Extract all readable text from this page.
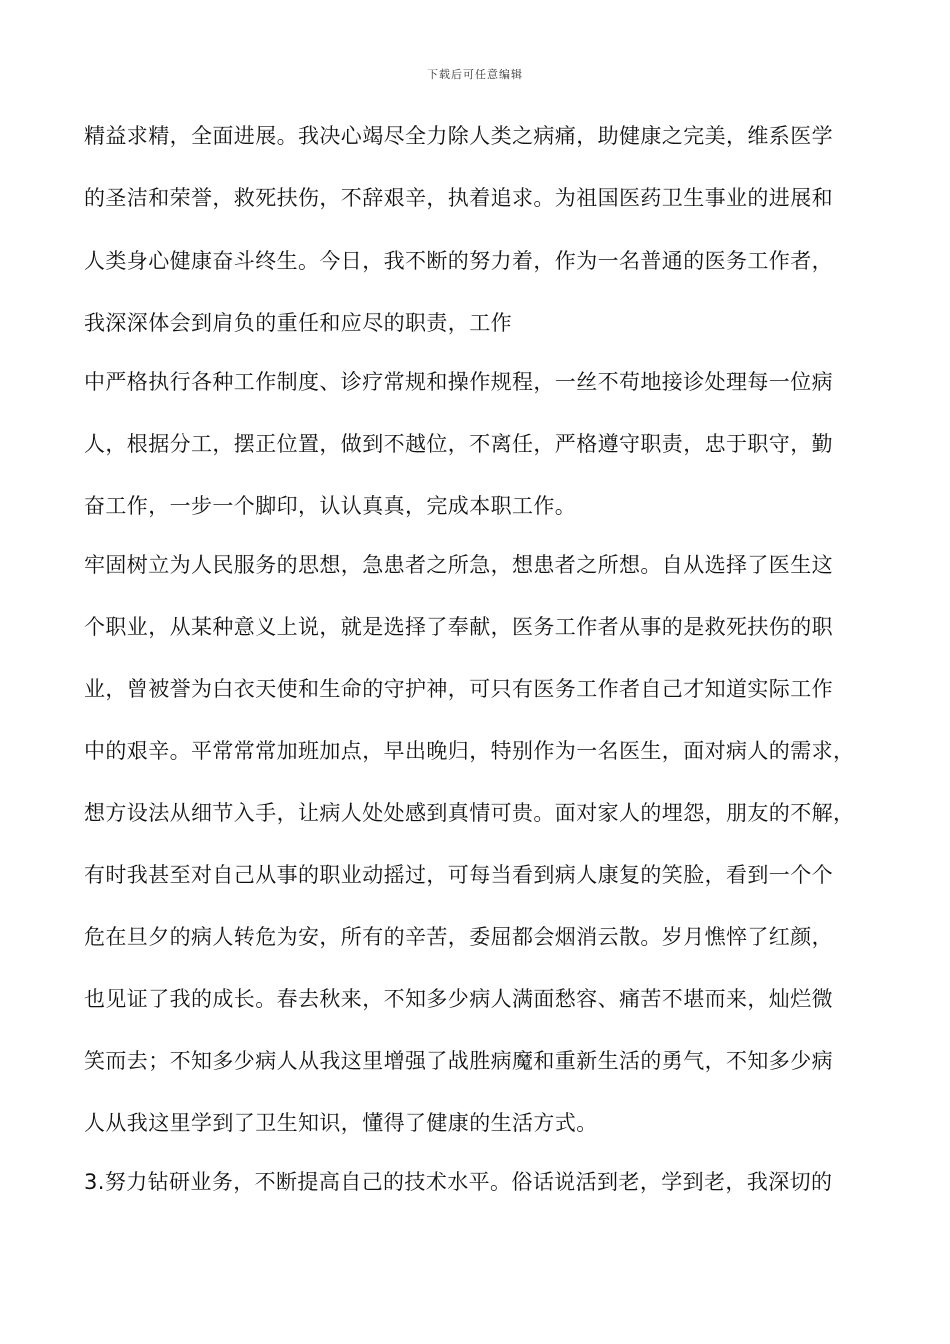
下载后可任意编辑
精益求精，全面进展。我决心竭尽全力除人类之病痛，助健康之完美，维系医学
的圣洁和荣誉，救死扶伤，不辞艰辛，执着追求。为祖国医药卫生事业的进展和
人类身心健康奋斗终生。今日，我不断的努力着，作为一名普通的医务工作者，
我深深体会到肩负的重任和应尽的职责，工作
中严格执行各种工作制度、诊疗常规和操作规程，一丝不苟地接诊处理每一位病
人，根据分工，摆正位置，做到不越位，不离任，严格遵守职责，忠于职守，勤
奋工作，一步一个脚印，认认真真，完成本职工作。
牢固树立为人民服务的思想，急患者之所急，想患者之所想。自从选择了医生这
个职业，从某种意义上说，就是选择了奉献，医务工作者从事的是救死扶伤的职
业，曾被誉为白衣天使和生命的守护神，可只有医务工作者自己才知道实际工作
中的艰辛。平常常常加班加点，早出晚归，特别作为一名医生，面对病人的需求，
想方设法从细节入手，让病人处处感到真情可贵。面对家人的埋怨，朋友的不解，
有时我甚至对自己从事的职业动摇过，可每当看到病人康复的笑脸，看到一个个
危在旦夕的病人转危为安，所有的辛苦，委屈都会烟消云散。岁月憔悴了红颜，
也见证了我的成长。春去秋来，不知多少病人满面愁容、痛苦不堪而来，灿烂微
笑而去；不知多少病人从我这里增强了战胜病魔和重新生活的勇气，不知多少病
人从我这里学到了卫生知识，懂得了健康的生活方式。
3.努力钻研业务，不断提高自己的技术水平。俗话说活到老，学到老，我深切的
